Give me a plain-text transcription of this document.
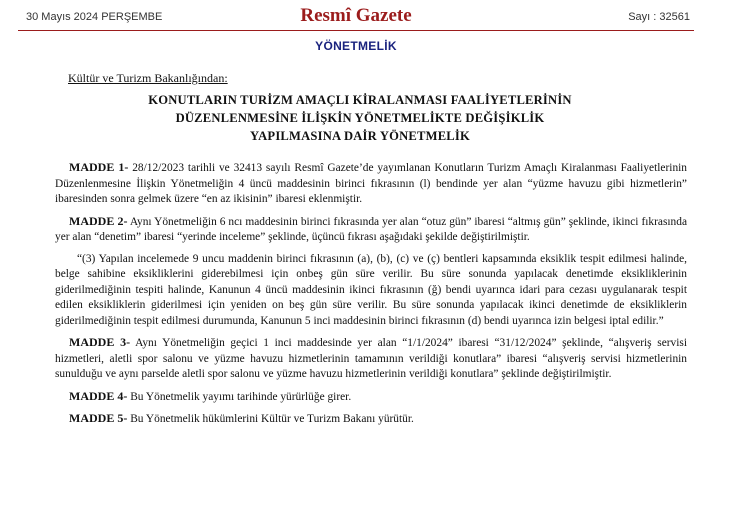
30 Mayıs 2024 PERŞEMBE	Resmî Gazete	Sayı : 32561
YÖNETMELİK
Kültür ve Turizm Bakanlığından:
KONUTLARIN TURİZM AMAÇLI KİRALANMASI FAALİYETLERİNİN
DÜZENLENMESİNE İLİŞKİN YÖNETMELİKTE DEĞİŞİKLİK
YAPILMASINA DAİR YÖNETMELİK

MADDE 1- 28/12/2023 tarihli ve 32413 sayılı Resmî Gazete’de yayımlanan Konutların Turizm Amaçlı Kiralanması Faaliyetlerinin Düzenlenmesine İlişkin Yönetmeliğin 4 üncü maddesinin birinci fıkrasının (l) bendinde yer alan “yüzme havuzu gibi hizmetlerin” ibaresinden sonra gelmek üzere “en az ikisinin” ibaresi eklenmiştir.

MADDE 2- Aynı Yönetmeliğin 6 ncı maddesinin birinci fıkrasında yer alan “otuz gün” ibaresi “altmış gün” şeklinde, ikinci fıkrasında yer alan “denetim” ibaresi “yerinde inceleme” şeklinde, üçüncü fıkrası aşağıdaki şekilde değiştirilmiştir.

“(3) Yapılan incelemede 9 uncu maddenin birinci fıkrasının (a), (b), (c) ve (ç) bentleri kapsamında eksiklik tespit edilmesi halinde, belge sahibine eksikliklerini giderebilmesi için onbeş gün süre verilir. Bu süre sonunda yapılacak denetimde eksikliklerinin giderilmediğinin tespiti halinde, Kanunun 4 üncü maddesinin ikinci fıkrasının (ğ) bendi uyarınca idari para cezası uygulanarak tespit edilen eksikliklerin giderilmesi için yeniden on beş gün süre verilir. Bu süre sonunda yapılacak ikinci denetimde de eksikliklerin giderilmediğinin tespit edilmesi durumunda, Kanunun 5 inci maddesinin birinci fıkrasının (d) bendi uyarınca izin belgesi iptal edilir.”

MADDE 3- Aynı Yönetmeliğin geçici 1 inci maddesinde yer alan “1/1/2024” ibaresi “31/12/2024” şeklinde, “alışveriş servisi hizmetleri, aletli spor salonu ve yüzme havuzu hizmetlerinin tamamının verildiği konutlara” ibaresi “alışveriş servisi hizmetlerinin sunulduğu ve aynı parselde aletli spor salonu ve yüzme havuzu hizmetlerinin verildiği konutlara” şeklinde değiştirilmiştir.

MADDE 4- Bu Yönetmelik yayımı tarihinde yürürlüğe girer.

MADDE 5- Bu Yönetmelik hükümlerini Kültür ve Turizm Bakanı yürütür.
